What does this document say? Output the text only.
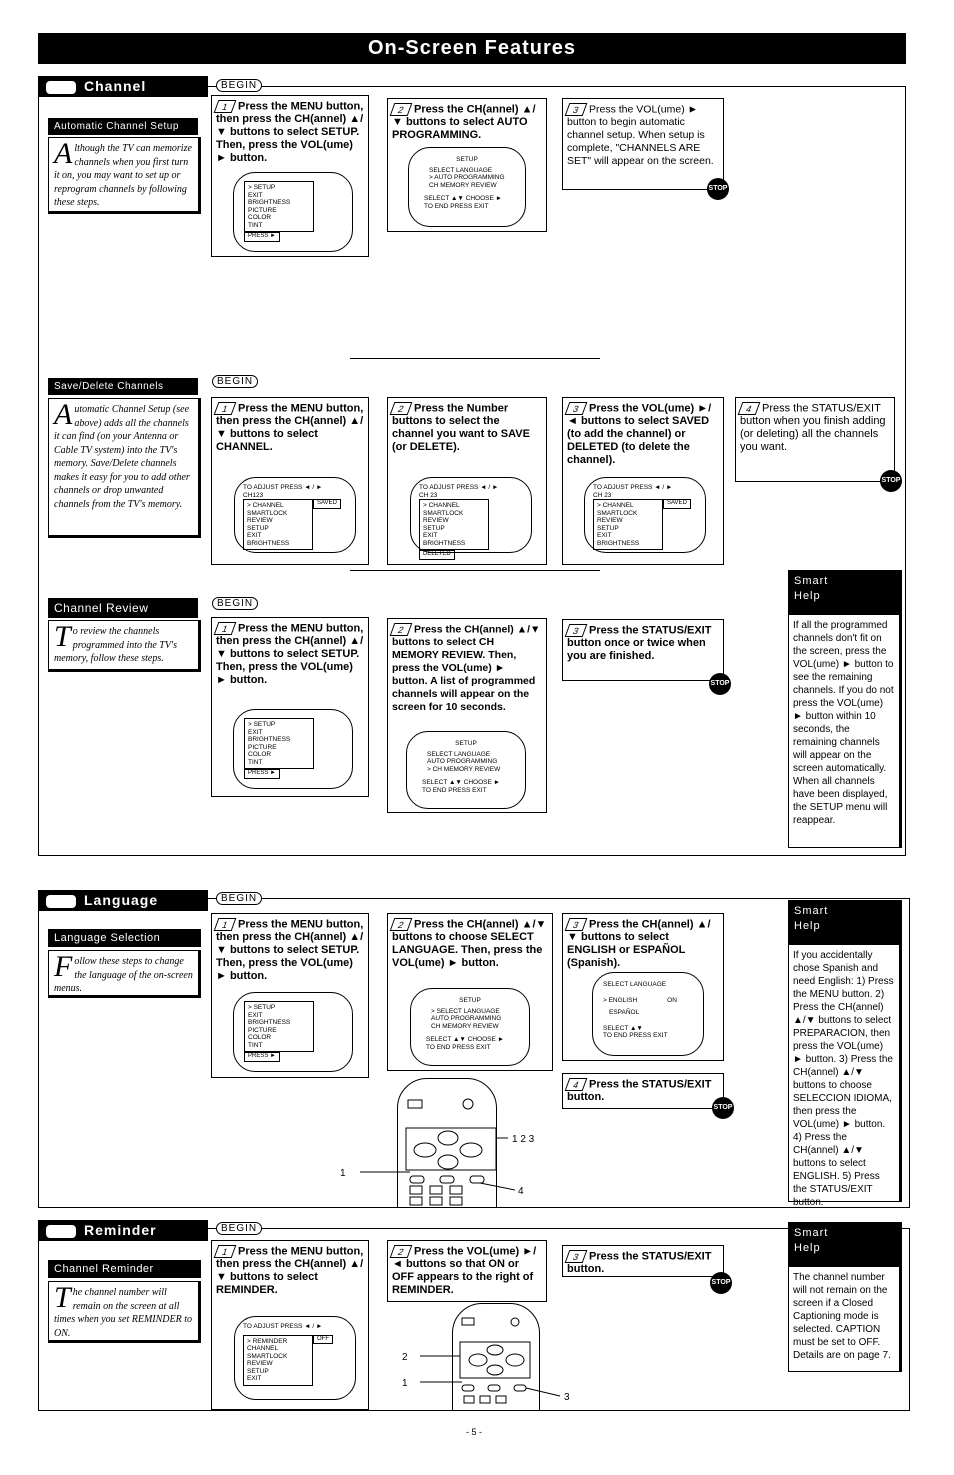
On-Screen Features
Channel
Automatic Channel Setup
Although the TV can memorize channels when you first turn it on, you may want to set up or reprogram channels by following these steps.
BEGIN
1 Press the MENU button, then press the CH(annel) ▲/▼ buttons to select SETUP. Then, press the VOL(ume) ► button.
> SETUP
EXIT
BRIGHTNESS
PICTURE
COLOR
TINTPRESS ►
2 Press the CH(annel) ▲/▼ buttons to select AUTO PROGRAMMING.
SETUP
SELECT LANGUAGE
> AUTO PROGRAMMING
CH MEMORY REVIEW
SELECT ▲▼ CHOOSE ►
TO END PRESS EXIT
3 Press the VOL(ume) ► button to begin automatic channel setup. When setup is complete, "CHANNELS ARE SET" will appear on the screen.
STOP
Save/Delete Channels
Automatic Channel Setup (see above) adds all the channels it can find (on your Antenna or Cable TV system) into the TV's memory. Save/Delete channels makes it easy for you to add other channels or drop unwanted channels from the TV's memory.
BEGIN
1 Press the MENU button, then press the CH(annel) ▲/▼ buttons to select CHANNEL.
TO ADJUST PRESS ◄ / ►
CH123
> CHANNEL
SMARTLOCK
REVIEW
SETUP
EXIT
BRIGHTNESSSAVED
2 Press the Number buttons to select the channel you want to SAVE (or DELETE).
TO ADJUST PRESS ◄ / ►
CH 23
> CHANNEL
SMARTLOCK
REVIEW
SETUP
EXIT
BRIGHTNESSDELETED
3 Press the VOL(ume) ►/◄ buttons to select SAVED (to add the channel) or DELETED (to delete the channel).
TO ADJUST PRESS ◄ / ►
CH 23
> CHANNEL
SMARTLOCK
REVIEW
SETUP
EXIT
BRIGHTNESSSAVED
4 Press the STATUS/EXIT button when you finish adding (or deleting) all the channels you want.
STOP
Channel Review
To review the channels programmed into the TV's memory, follow these steps.
BEGIN
1 Press the MENU button, then press the CH(annel) ▲/▼ buttons to select SETUP. Then, press the VOL(ume) ► button.
> SETUP
EXIT
BRIGHTNESS
PICTURE
COLOR
TINTPRESS ►
2 Press the CH(annel) ▲/▼ buttons to select CH MEMORY REVIEW. Then, press the VOL(ume) ► button. A list of programmed channels will appear on the screen for 10 seconds.
SETUP
SELECT LANGUAGE
AUTO PROGRAMMING
> CH MEMORY REVIEW
SELECT ▲▼ CHOOSE ►
TO END PRESS EXIT
3 Press the STATUS/EXIT button once or twice when you are finished.
STOP
Smart
Help
If all the programmed channels don't fit on the screen, press the VOL(ume) ► button to see the remaining channels. If you do not press the VOL(ume) ► button within 10 seconds, the remaining channels will appear on the screen automatically. When all channels have been displayed, the SETUP menu will reappear.
Language
Language Selection
Follow these steps to change the language of the on-screen menus.
BEGIN
1 Press the MENU button, then press the CH(annel) ▲/▼ buttons to select SETUP. Then, press the VOL(ume) ► button.
> SETUP
EXIT
BRIGHTNESS
PICTURE
COLOR
TINTPRESS ►
2 Press the CH(annel) ▲/▼ buttons to choose SELECT LANGUAGE. Then, press the VOL(ume) ► button.
SETUP
> SELECT LANGUAGE
AUTO PROGRAMMING
CH MEMORY REVIEW
SELECT ▲▼ CHOOSE ►
TO END PRESS EXIT
3 Press the CH(annel) ▲/▼ buttons to select ENGLISH or ESPAÑOL (Spanish).
SELECT LANGUAGE
> ENGLISH	ON
ESPAÑOL
SELECT ▲▼
TO END PRESS EXIT
4 Press the STATUS/EXIT button.
STOP
1 2 3
1
4
Smart
Help
If you accidentally chose Spanish and need English: 1) Press the MENU button. 2) Press the CH(annel) ▲/▼ buttons to select PREPARACION, then press the VOL(ume) ► button. 3) Press the CH(annel) ▲/▼ buttons to choose SELECCION IDIOMA, then press the VOL(ume) ► button. 4) Press the CH(annel) ▲/▼ buttons to select ENGLISH. 5) Press the STATUS/EXIT button.
Reminder
Channel Reminder
The channel number will remain on the screen at all times when you set REMINDER to ON.
BEGIN
1 Press the MENU button, then press the CH(annel) ▲/▼ buttons to select REMINDER.
TO ADJUST PRESS ◄ / ►
> REMINDER
CHANNEL
SMARTLOCK
REVIEW
SETUP
EXITOFF
2 Press the VOL(ume) ►/◄ buttons so that ON or OFF appears to the right of REMINDER.
3 Press the STATUS/EXIT button.
STOP
2
1
3
Smart
Help
The channel number will not remain on the screen if a Closed Captioning mode is selected. CAPTION must be set to OFF. Details are on page 7.
- 5 -
